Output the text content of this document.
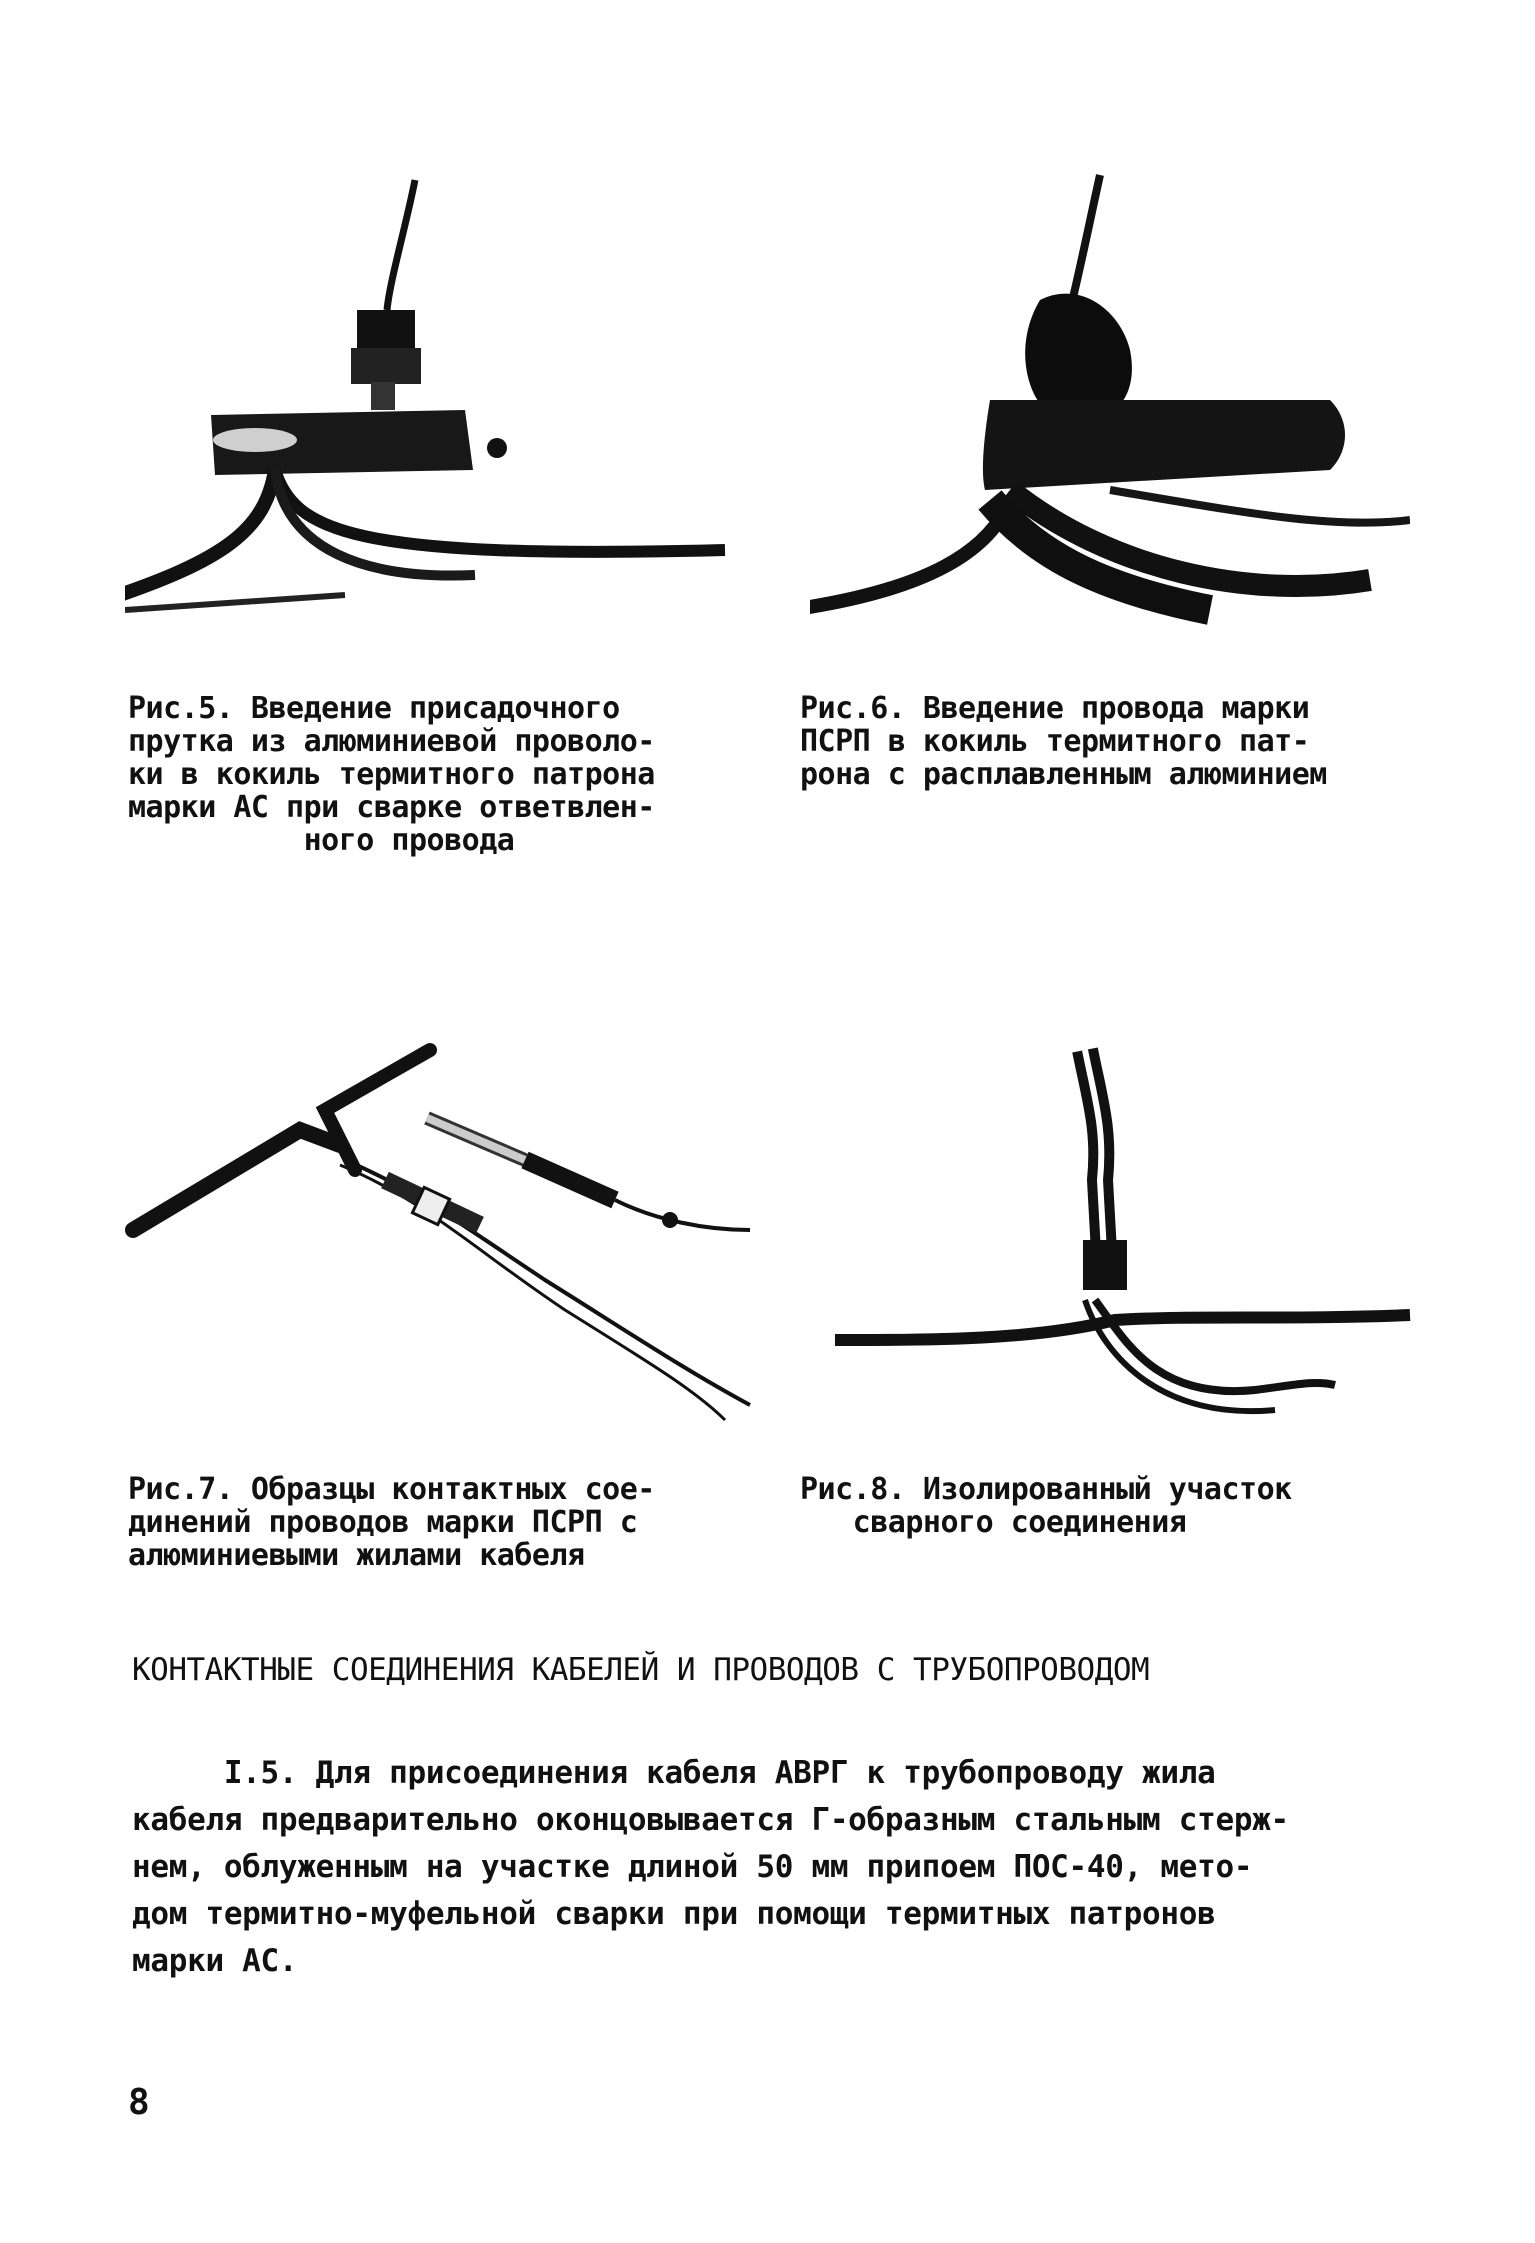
Рис.5. Введение присадочного
прутка из алюминиевой проволо-
ки в кокиль термитного патрона
марки АС при сварке ответвлен-
ного провода
Рис.6. Введение провода марки
ПСРП в кокиль термитного пат-
рона с расплавленным алюминием
Рис.7. Образцы контактных сое-
динений проводов марки ПСРП с
алюминиевыми жилами кабеля
Рис.8. Изолированный участок
сварного соединения
КОНТАКТНЫЕ СОЕДИНЕНИЯ КАБЕЛЕЙ И ПРОВОДОВ С ТРУБОПРОВОДОМ
I.5. Для присоединения кабеля АВРГ к трубопроводу жила
кабеля предварительно оконцовывается Г-образным стальным стерж-
нем, облуженным на участке длиной 50 мм припоем ПОС-40, мето-
дом термитно-муфельной сварки при помощи термитных патронов
марки АС.
8
